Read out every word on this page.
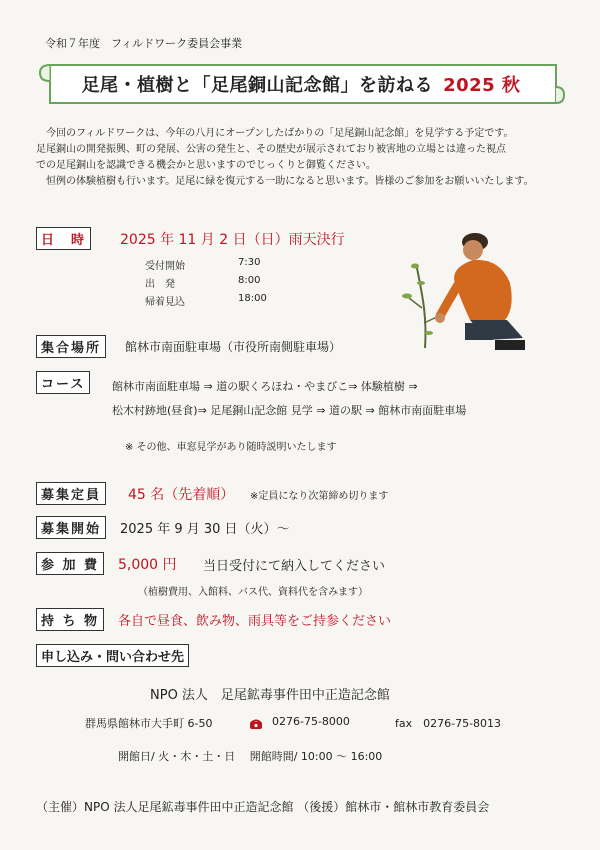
令和７年度　フィルドワーク委員会事業
足尾・植樹と「足尾銅山記念館」を訪ねる 2025 秋

今回のフィルドワークは、今年の八月にオープンしたばかりの「足尾銅山記念館」を見学する予定です。

足尾銅山の開発振興、町の発展、公害の発生と、その歴史が展示されており被害地の立場とは違った視点

での足尾銅山を認識できる機会かと思いますのでじっくりと御覧ください。

恒例の体験植樹も行います。足尾に緑を復元する一助になると思います。皆様のご参加をお願いいたします。

日　時	2025 年 11 月 2 日（日）雨天決行
受付開始	7:30
出　発	8:00
帰着見込	18:00
集合場所	館林市南面駐車場（市役所南側駐車場）
コース	館林市南面駐車場 ⇒ 道の駅くろほね・やまびこ⇒ 体験植樹 ⇒
松木村跡地(昼食)⇒ 足尾銅山記念館 見学 ⇒ 道の駅 ⇒ 館林市南面駐車場
※ その他、車窓見学があり随時説明いたします
募集定員	45 名（先着順） ※定員になり次第締め切ります
募集開始	2025 年 9 月 30 日（火）〜
参 加 費	5,000 円 当日受付にて納入してください
（植樹費用、入館料、バス代、資料代を含みます）
持 ち 物	各自で昼食、飲み物、雨具等をご持参ください
申し込み・問い合わせ先
NPO 法人　足尾鉱毒事件田中正造記念館
群馬県館林市大手町 6-50	0276-75-8000	fax　0276-75-8013
開館日/ 火・木・土・日　 開館時間/ 10:00 〜 16:00
（主催）NPO 法人足尾鉱毒事件田中正造記念館 （後援）館林市・館林市教育委員会
